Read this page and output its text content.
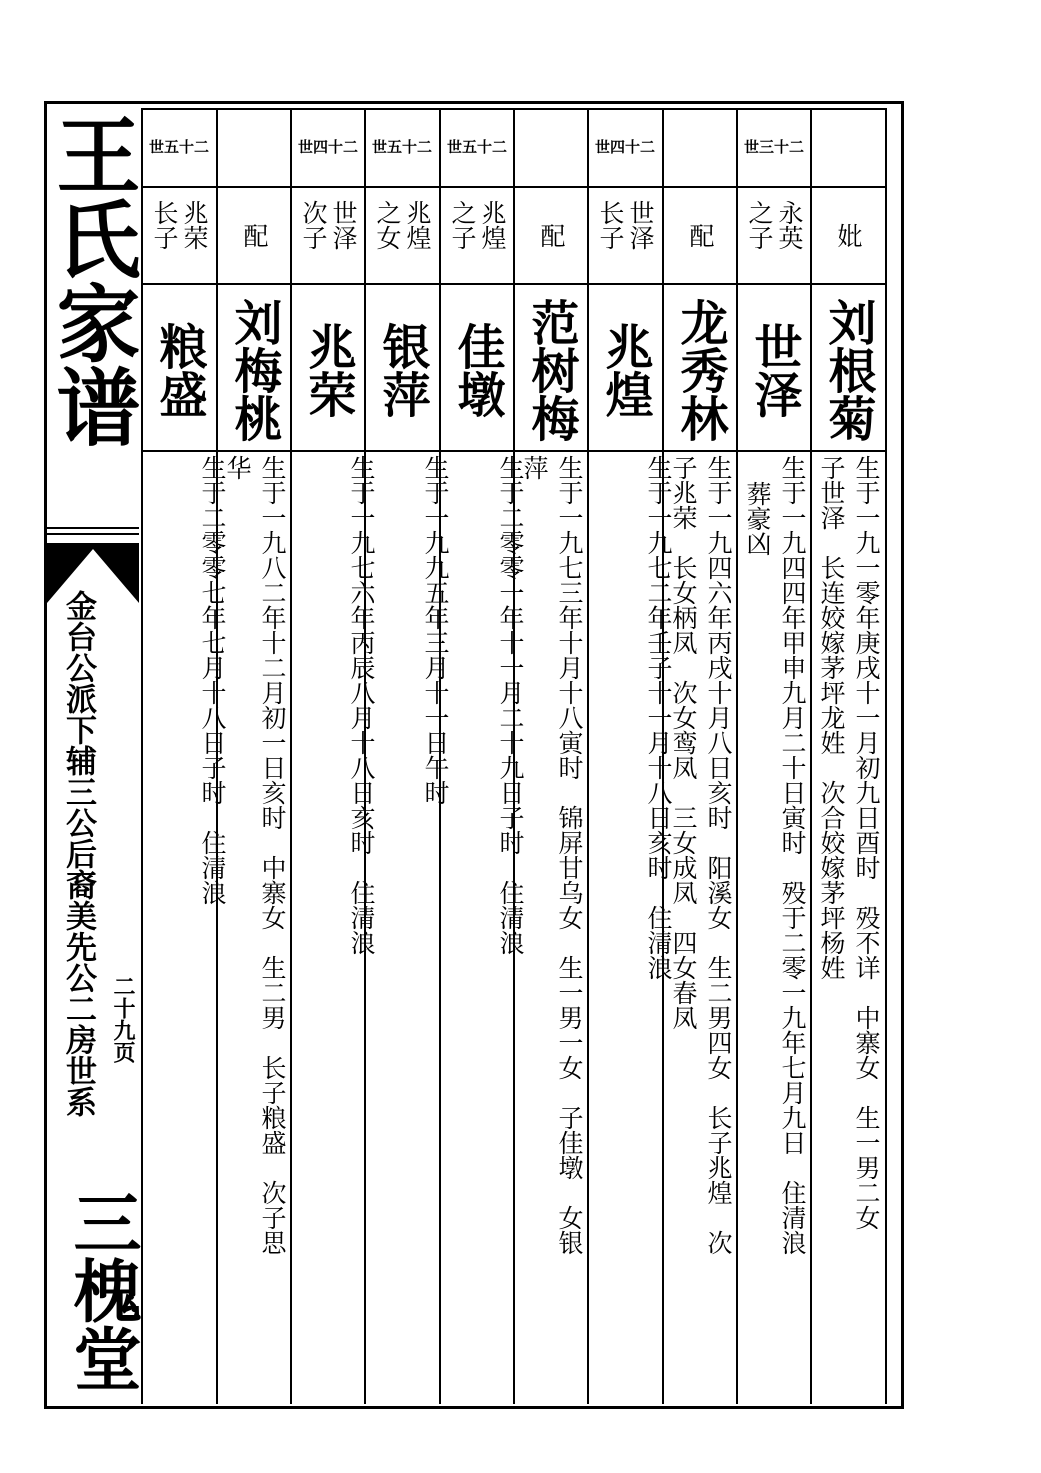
王氏家谱
金台公派下辅三公后裔美先公二房世系 二十九页
三槐堂
妣
刘根菊
生于一九一零年庚戌十一月初九日酉时　殁不详　中寨女　生一男二女
子世泽　长连姣嫁茅坪龙姓　次合姣嫁茅坪杨姓
世三十二
永英之子
世泽
生于一九四四年甲申九月二十日寅时　殁于二零一九年七月九日　住清浪
葬豪凶
配
龙秀林
生于一九四六年丙戌十月八日亥时　阳溪女　生二男四女　长子兆煌　次
子兆荣　长女柄凤　次女鸾凤　三女成凤　四女春凤
世四十二
世泽长子
兆煌
生于一九七二年壬子十一月十八日亥时　住清浪
配
范树梅
生于一九七三年十月十八寅时　锦屏甘乌女　生一男一女　子佳墩　女银
萍
世五十二
兆煌之子
佳墩
生于二零零一年十一月二十九日子时　住清浪
世五十二
兆煌之女
银萍
生于一九九五年三月十一日午时
世四十二
世泽次子
兆荣
生于一九七六年丙辰八月十八日亥时　住清浪
配
刘梅桃
生于一九八二年十二月初一日亥时　中寨女　生二男　长子粮盛　次子思
华
世五十二
兆荣长子
粮盛
生于二零零七年七月十八日子时　住清浪
